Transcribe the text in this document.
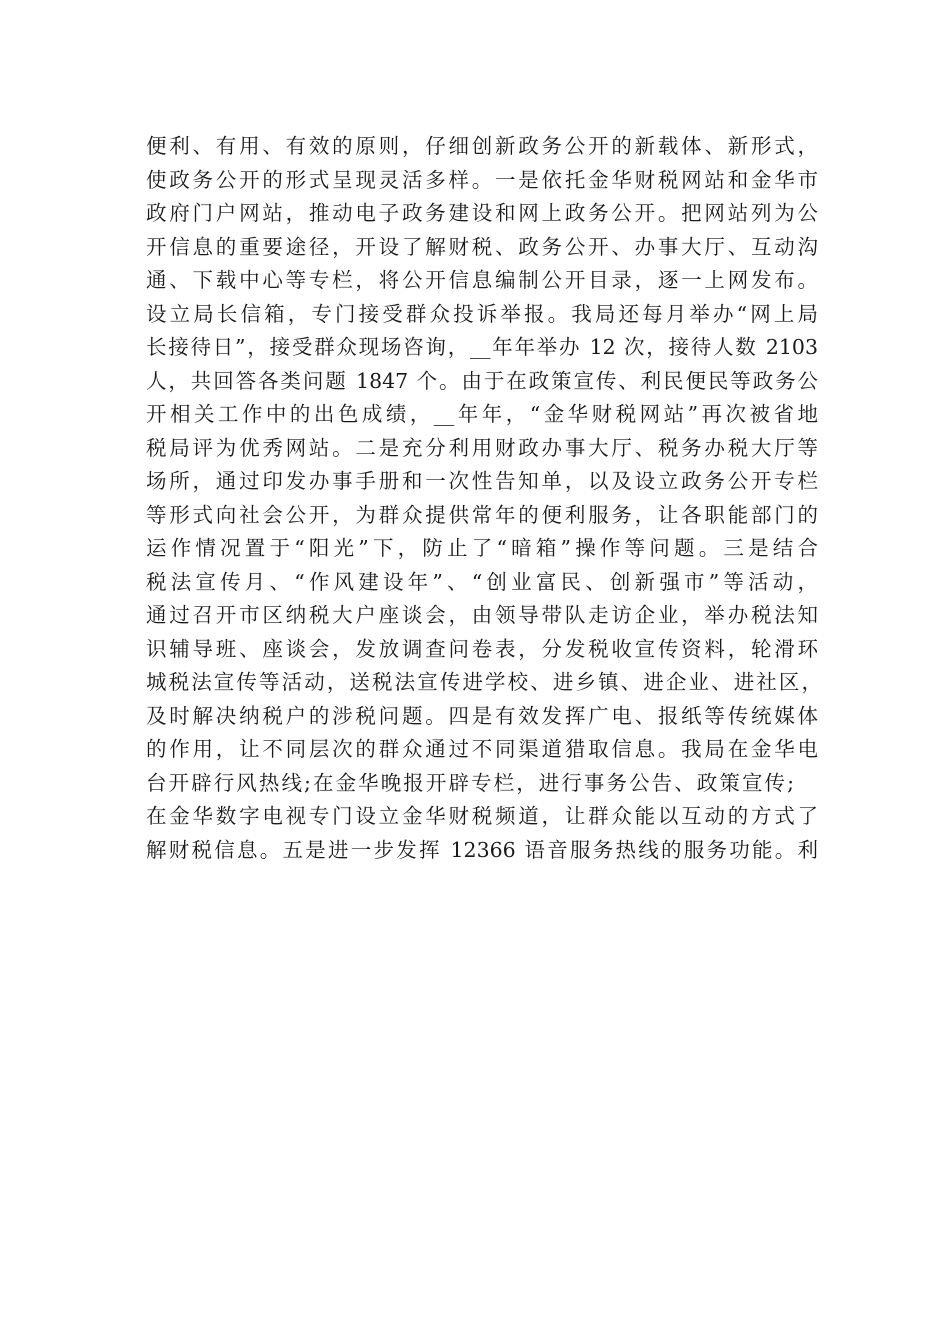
便利、有用、有效的原则，仔细创新政务公开的新载体、新形式，

使政务公开的形式呈现灵活多样。一是依托金华财税网站和金华市

政府门户网站，推动电子政务建设和网上政务公开。把网站列为公

开信息的重要途径，开设了解财税、政务公开、办事大厅、互动沟

通、下载中心等专栏，将公开信息编制公开目录，逐一上网发布。

设立局长信箱，专门接受群众投诉举报。我局还每月举办“网上局

长接待日”，接受群众现场咨询，__年年举办 12 次，接待人数 2103

人，共回答各类问题 1847 个。由于在政策宣传、利民便民等政务公

开相关工作中的出色成绩，__年年，“金华财税网站”再次被省地

税局评为优秀网站。二是充分利用财政办事大厅、税务办税大厅等

场所，通过印发办事手册和一次性告知单，以及设立政务公开专栏

等形式向社会公开，为群众提供常年的便利服务，让各职能部门的

运作情况置于“阳光”下，防止了“暗箱”操作等问题。三是结合

税法宣传月、“作风建设年”、“创业富民、创新强市”等活动，

通过召开市区纳税大户座谈会，由领导带队走访企业，举办税法知

识辅导班、座谈会，发放调查问卷表，分发税收宣传资料，轮滑环

城税法宣传等活动，送税法宣传进学校、进乡镇、进企业、进社区，

及时解决纳税户的涉税问题。四是有效发挥广电、报纸等传统媒体

的作用，让不同层次的群众通过不同渠道猎取信息。我局在金华电

台开辟行风热线;在金华晚报开辟专栏，进行事务公告、政策宣传;

在金华数字电视专门设立金华财税频道，让群众能以互动的方式了

解财税信息。五是进一步发挥 12366 语音服务热线的服务功能。利
